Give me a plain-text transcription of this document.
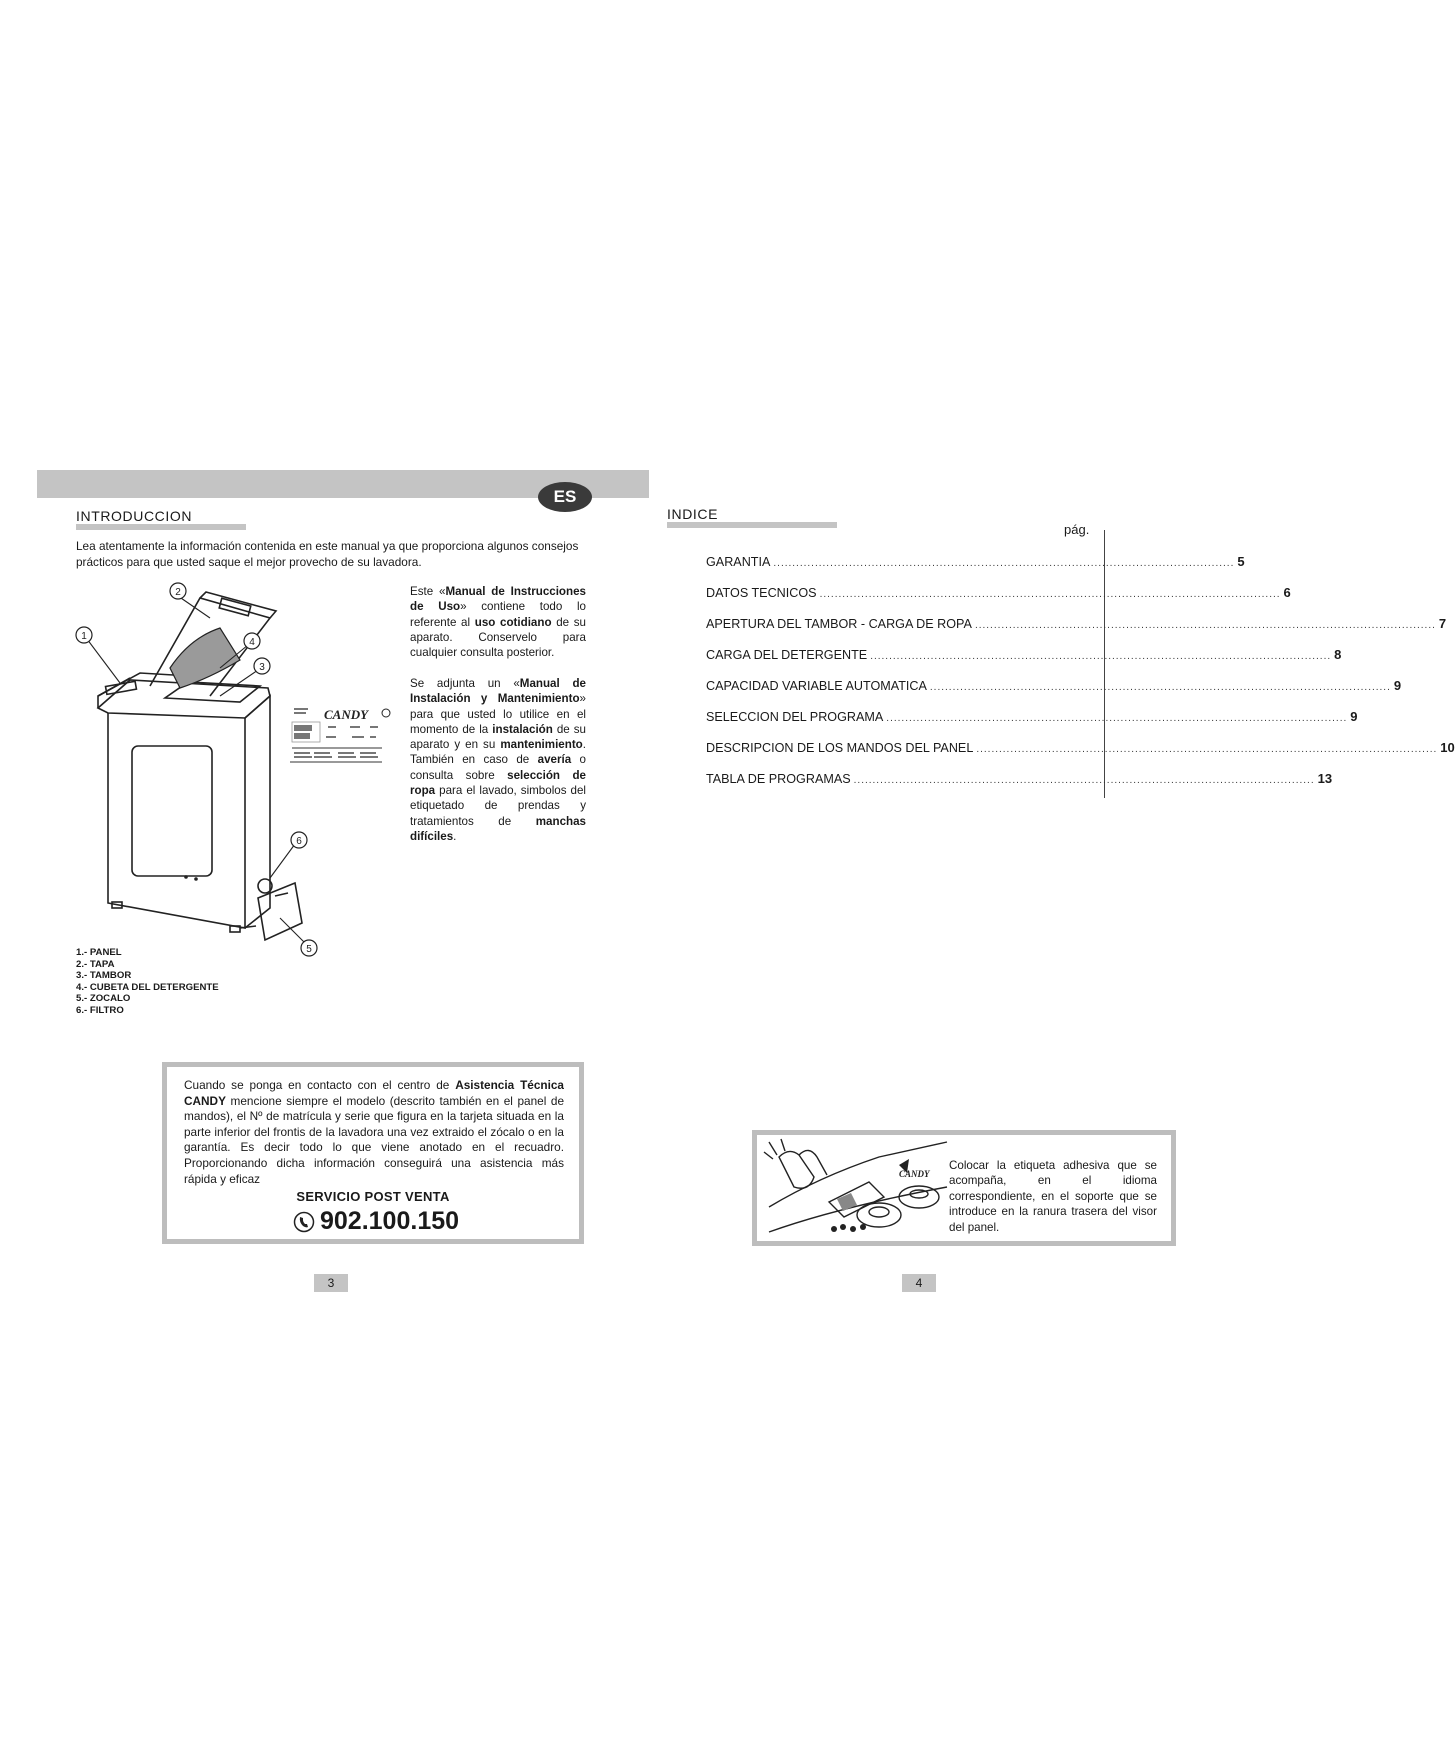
ES
INTRODUCCION
Lea atentamente la información contenida en este manual ya que proporciona algunos consejos prácticos para que usted saque el mejor provecho de su lavadora.
1
2
3
4
5
6
CANDY

Este «Manual de Instrucciones de Uso» contiene todo lo referente al uso cotidiano de su aparato. Conservelo para cualquier consulta posterior.

Se adjunta un «Manual de Instalación y Mantenimiento» para que usted lo utilice en el momento de la instalación de su aparato y en su mantenimiento. También en caso de avería o consulta sobre selección de ropa para el lavado, simbolos del etiquetado de prendas y tratamientos de manchas difíciles.

1.- PANEL
2.- TAPA
3.- TAMBOR
4.- CUBETA DEL DETERGENTE
5.- ZOCALO
6.- FILTRO
Cuando se ponga en contacto con el centro de Asistencia Técnica CANDY mencione siempre el modelo (descrito también en el panel de mandos), el Nº de matrícula y serie que figura en la tarjeta situada en la parte inferior del frontis de la lavadora una vez extraido el zócalo o en la garantía. Es decir todo lo que viene anotado en el recuadro. Proporcionando dicha información conseguirá una asistencia más rápida y eficaz
SERVICIO POST VENTA
902.100.150
3
INDICE
pág.
GARANTIA .......................................................................................................................... 5
DATOS TECNICOS .......................................................................................................................... 6
APERTURA DEL TAMBOR - CARGA DE ROPA .......................................................................................................................... 7
CARGA DEL DETERGENTE .......................................................................................................................... 8
CAPACIDAD VARIABLE AUTOMATICA .......................................................................................................................... 9
SELECCION DEL PROGRAMA .......................................................................................................................... 9
DESCRIPCION DE LOS MANDOS DEL PANEL .......................................................................................................................... 10
TABLA DE PROGRAMAS .......................................................................................................................... 13
CANDY
Colocar la etiqueta adhesiva que se acompaña, en el idioma correspondiente, en el soporte que se introduce en la ranura trasera del visor del panel.
4
